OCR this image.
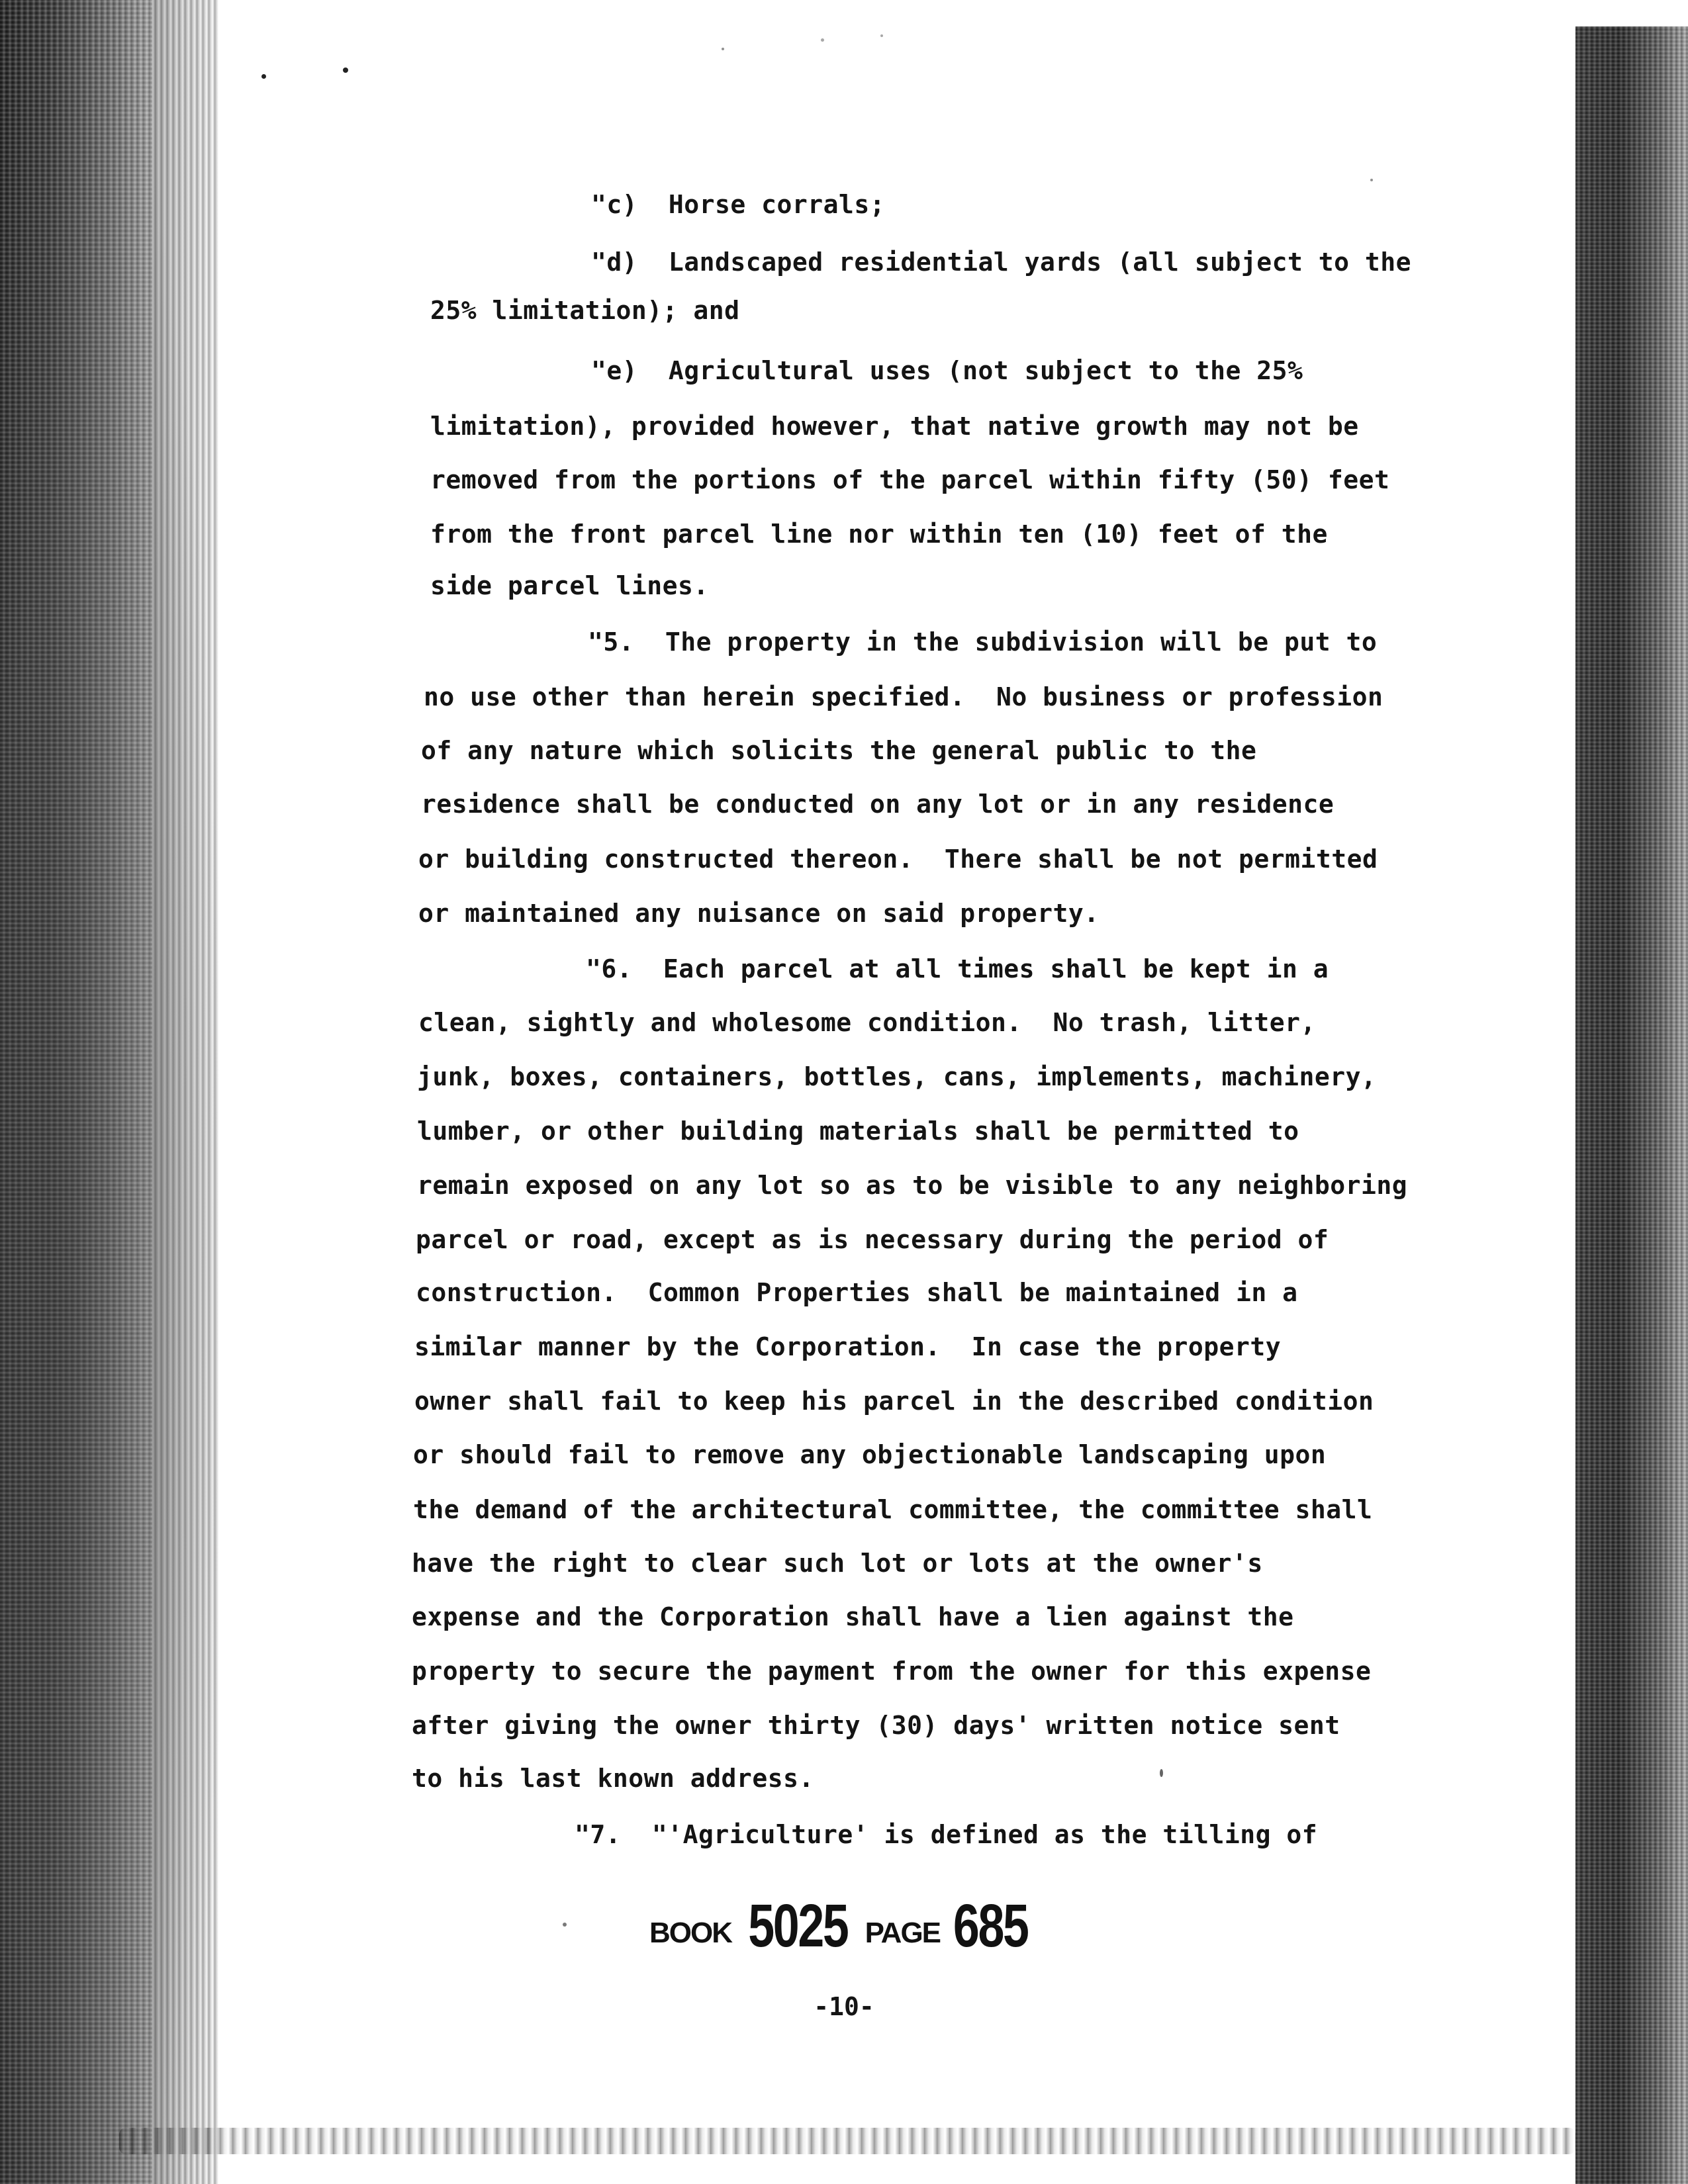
"c)  Horse corrals;

"d)  Landscaped residential yards (all subject to the

25% limitation); and

"e)  Agricultural uses (not subject to the 25%

limitation), provided however, that native growth may not be

removed from the portions of the parcel within fifty (50) feet

from the front parcel line nor within ten (10) feet of the

side parcel lines.

"5.  The property in the subdivision will be put to

no use other than herein specified.  No business or profession

of any nature which solicits the general public to the

residence shall be conducted on any lot or in any residence

or building constructed thereon.  There shall be not permitted

or maintained any nuisance on said property.

"6.  Each parcel at all times shall be kept in a

clean, sightly and wholesome condition.  No trash, litter,

junk, boxes, containers, bottles, cans, implements, machinery,

lumber, or other building materials shall be permitted to

remain exposed on any lot so as to be visible to any neighboring

parcel or road, except as is necessary during the period of

construction.  Common Properties shall be maintained in a

similar manner by the Corporation.  In case the property

owner shall fail to keep his parcel in the described condition

or should fail to remove any objectionable landscaping upon

the demand of the architectural committee, the committee shall

have the right to clear such lot or lots at the owner's

expense and the Corporation shall have a lien against the

property to secure the payment from the owner for this expense

after giving the owner thirty (30) days' written notice sent

to his last known address.

"7.  "'Agriculture' is defined as the tilling of

BOOK 5025 PAGE 685
-10-
